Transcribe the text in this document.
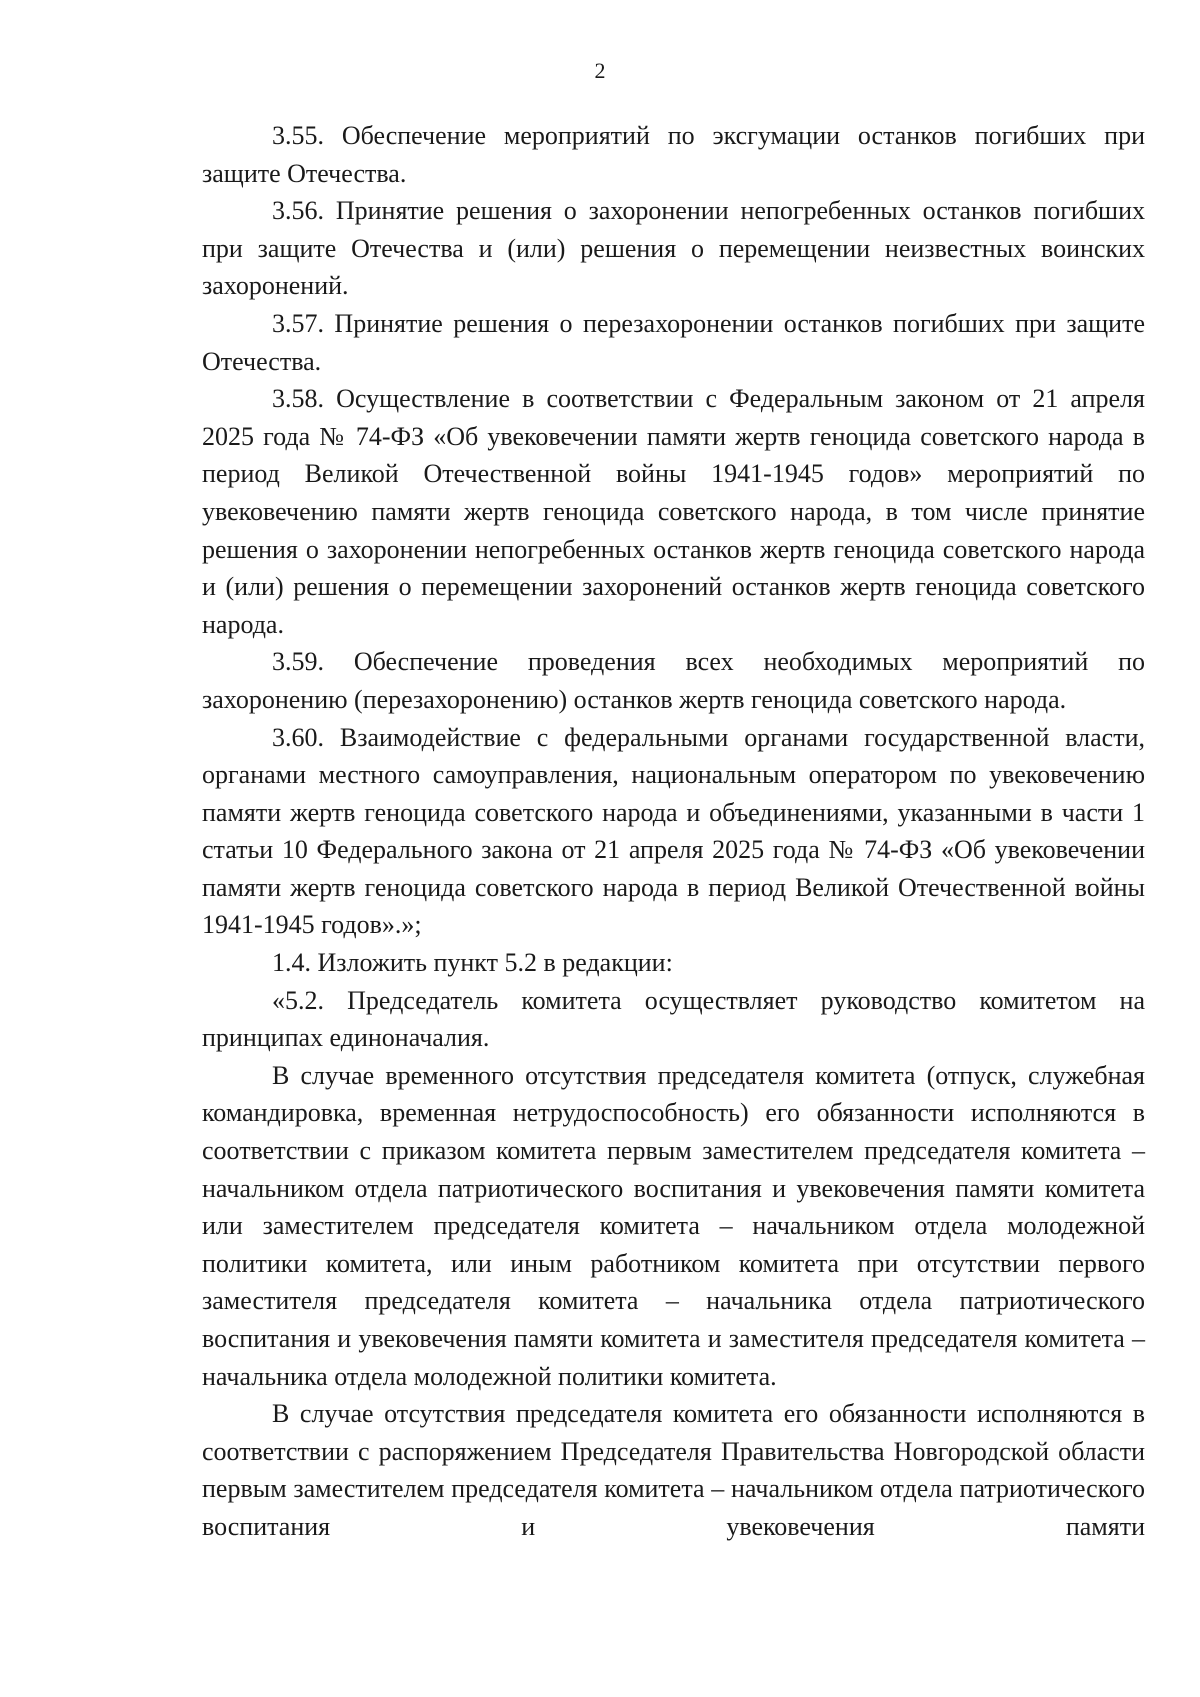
2

3.55. Обеспечение мероприятий по эксгумации останков погибших при защите Отечества.

3.56. Принятие решения о захоронении непогребенных останков погибших при защите Отечества и (или) решения о перемещении неизвестных воинских захоронений.

3.57. Принятие решения о перезахоронении останков погибших при защите Отечества.

3.58. Осуществление в соответствии с Федеральным законом от 21 апреля 2025 года № 74-ФЗ «Об увековечении памяти жертв геноцида советского народа в период Великой Отечественной войны 1941-1945 годов» мероприятий по увековечению памяти жертв геноцида советского народа, в том числе принятие решения о захоронении непогребенных останков жертв геноцида советского народа и (или) решения о перемещении захоронений останков жертв геноцида советского народа.

3.59. Обеспечение проведения всех необходимых мероприятий по захоронению (перезахоронению) останков жертв геноцида советского народа.

3.60. Взаимодействие с федеральными органами государственной власти, органами местного самоуправления, национальным оператором по увековечению памяти жертв геноцида советского народа и объединениями, указанными в части 1 статьи 10 Федерального закона от 21 апреля 2025 года № 74-ФЗ «Об увековечении памяти жертв геноцида советского народа в период Великой Отечественной войны 1941-1945 годов».»;

1.4. Изложить пункт 5.2 в редакции:

«5.2. Председатель комитета осуществляет руководство комитетом на принципах единоначалия.

В случае временного отсутствия председателя комитета (отпуск, служебная командировка, временная нетрудоспособность) его обязанности исполняются в соответствии с приказом комитета первым заместителем председателя комитета – начальником отдела патриотического воспитания и увековечения памяти комитета или заместителем председателя комитета – начальником отдела молодежной политики комитета, или иным работником комитета при отсутствии первого заместителя председателя комитета – начальника отдела патриотического воспитания и увековечения памяти комитета и заместителя председателя комитета – начальника отдела молодежной политики комитета.

В случае отсутствия председателя комитета его обязанности исполняются в соответствии с распоряжением Председателя Правительства Новгородской области первым заместителем председателя комитета – начальником отдела патриотического воспитания и увековечения памяти
